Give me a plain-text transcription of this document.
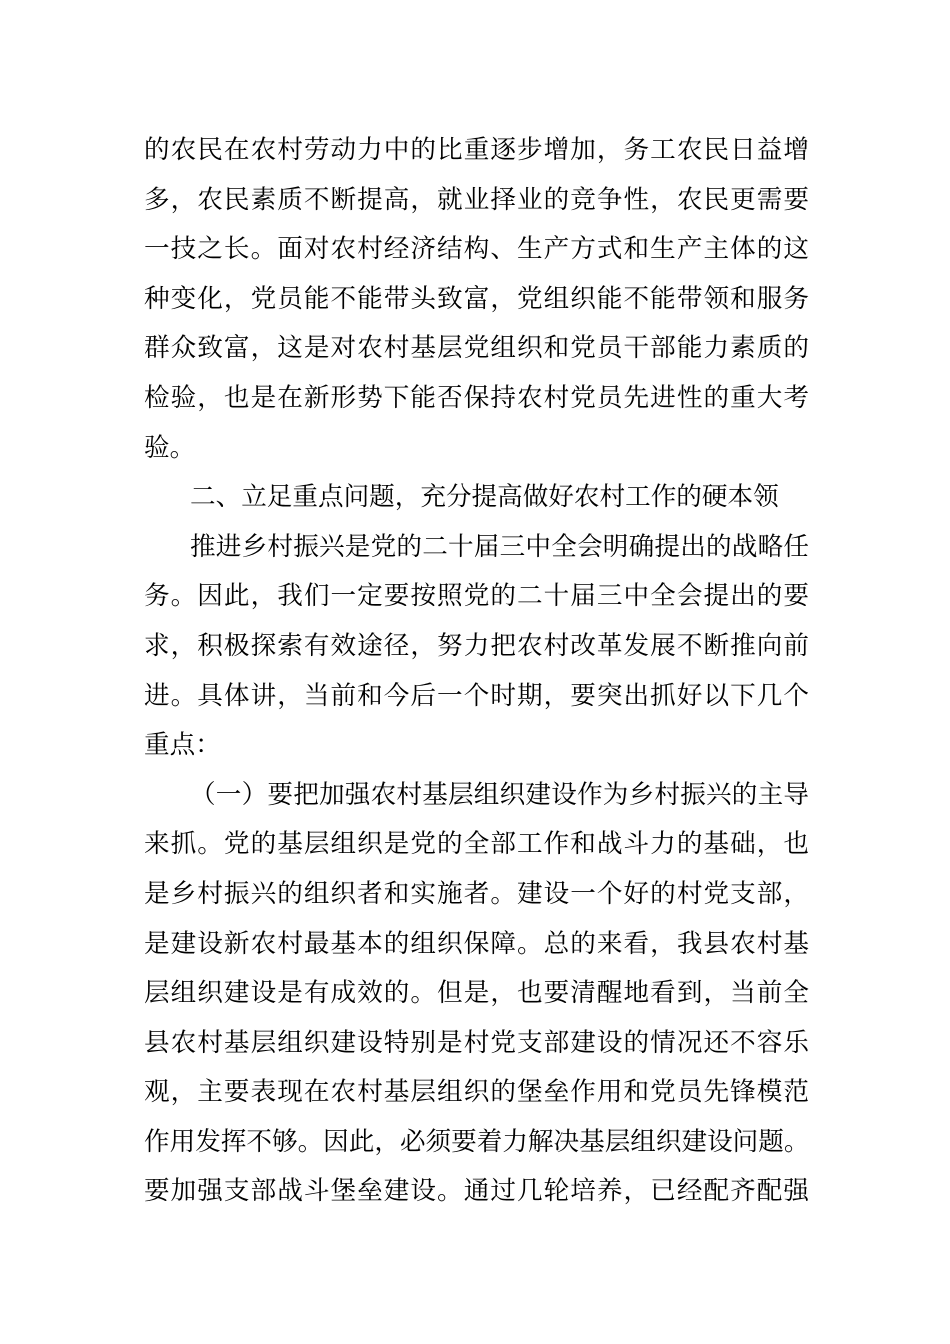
的农民在农村劳动力中的比重逐步增加，务工农民日益增
多，农民素质不断提高，就业择业的竞争性，农民更需要
一技之长。面对农村经济结构、生产方式和生产主体的这
种变化，党员能不能带头致富，党组织能不能带领和服务
群众致富，这是对农村基层党组织和党员干部能力素质的
检验，也是在新形势下能否保持农村党员先进性的重大考
验。
二、立足重点问题，充分提高做好农村工作的硬本领
推进乡村振兴是党的二十届三中全会明确提出的战略任
务。因此，我们一定要按照党的二十届三中全会提出的要
求，积极探索有效途径，努力把农村改革发展不断推向前
进。具体讲，当前和今后一个时期，要突出抓好以下几个
重点：
（一）要把加强农村基层组织建设作为乡村振兴的主导
来抓。党的基层组织是党的全部工作和战斗力的基础，也
是乡村振兴的组织者和实施者。建设一个好的村党支部，
是建设新农村最基本的组织保障。总的来看，我县农村基
层组织建设是有成效的。但是，也要清醒地看到，当前全
县农村基层组织建设特别是村党支部建设的情况还不容乐
观，主要表现在农村基层组织的堡垒作用和党员先锋模范
作用发挥不够。因此，必须要着力解决基层组织建设问题。
要加强支部战斗堡垒建设。通过几轮培养，已经配齐配强
